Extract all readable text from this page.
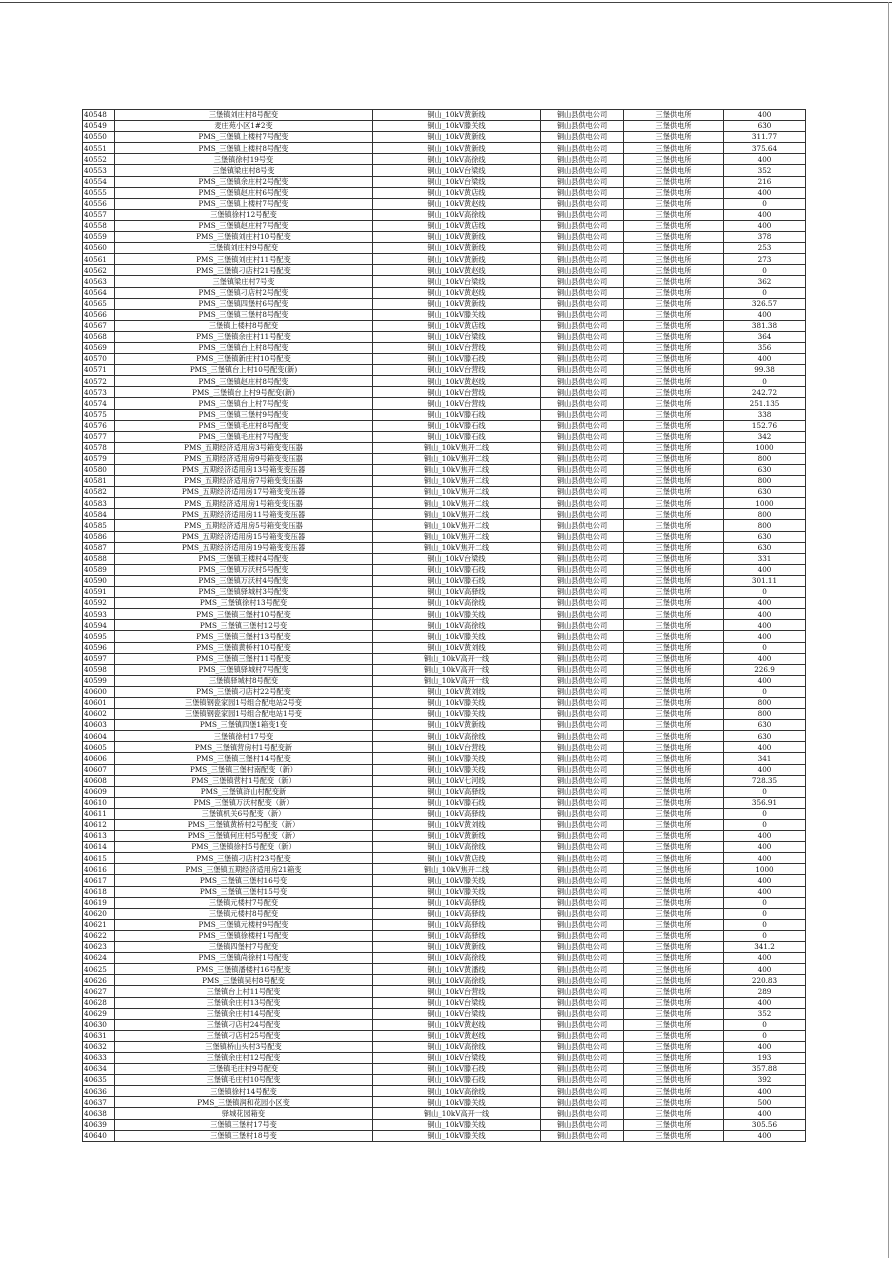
40548	三堡镇刘庄村8号配变	铜山_10kV黄新线	铜山县供电公司	三堡供电所	400
40549	麦庄苑小区1#2变	铜山_10kV滕关线	铜山县供电公司	三堡供电所	630
40550	PMS_三堡镇上楼村7号配变	铜山_10kV黄新线	铜山县供电公司	三堡供电所	311.77
40551	PMS_三堡镇上楼村8号配变	铜山_10kV黄新线	铜山县供电公司	三堡供电所	375.64
40552	三堡镇徐村19号变	铜山_10kV高徐线	铜山县供电公司	三堡供电所	400
40553	三堡镇梁庄村8号变	铜山_10kV台梁线	铜山县供电公司	三堡供电所	352
40554	PMS_三堡镇余庄村2号配变	铜山_10kV台梁线	铜山县供电公司	三堡供电所	216
40555	PMS_三堡镇赵庄村6号配变	铜山_10kV黄店线	铜山县供电公司	三堡供电所	400
40556	PMS_三堡镇上楼村7号配变	铜山_10kV黄赵线	铜山县供电公司	三堡供电所	0
40557	三堡镇徐村12号配变	铜山_10kV高徐线	铜山县供电公司	三堡供电所	400
40558	PMS_三堡镇赵庄村7号配变	铜山_10kV黄店线	铜山县供电公司	三堡供电所	400
40559	PMS_三堡镇刘庄村10号配变	铜山_10kV黄新线	铜山县供电公司	三堡供电所	378
40560	三堡镇刘庄村9号配变	铜山_10kV黄新线	铜山县供电公司	三堡供电所	253
40561	PMS_三堡镇刘庄村11号配变	铜山_10kV黄新线	铜山县供电公司	三堡供电所	273
40562	PMS_三堡镇刁店村21号配变	铜山_10kV黄赵线	铜山县供电公司	三堡供电所	0
40563	三堡镇梁庄村7号变	铜山_10kV台梁线	铜山县供电公司	三堡供电所	362
40564	PMS_三堡镇刁店村2号配变	铜山_10kV黄赵线	铜山县供电公司	三堡供电所	0
40565	PMS_三堡镇四堡村6号配变	铜山_10kV黄新线	铜山县供电公司	三堡供电所	326.57
40566	PMS_三堡镇三堡村8号配变	铜山_10kV滕关线	铜山县供电公司	三堡供电所	400
40567	三堡镇上楼村8号配变	铜山_10kV黄店线	铜山县供电公司	三堡供电所	381.38
40568	PMS_三堡镇余庄村11号配变	铜山_10kV台梁线	铜山县供电公司	三堡供电所	364
40569	PMS_三堡镇台上村8号配变	铜山_10kV台营线	铜山县供电公司	三堡供电所	356
40570	PMS_三堡镇新庄村10号配变	铜山_10kV滕石线	铜山县供电公司	三堡供电所	400
40571	PMS_三堡镇台上村10号配变(新)	铜山_10kV台营线	铜山县供电公司	三堡供电所	99.38
40572	PMS_三堡镇赵庄村8号配变	铜山_10kV黄赵线	铜山县供电公司	三堡供电所	0
40573	PMS_三堡镇台上村9号配变(新)	铜山_10kV台营线	铜山县供电公司	三堡供电所	242.72
40574	PMS_三堡镇台上村7号配变	铜山_10kV台营线	铜山县供电公司	三堡供电所	251.135
40575	PMS_三堡镇三堡村9号配变	铜山_10kV滕石线	铜山县供电公司	三堡供电所	338
40576	PMS_三堡镇毛庄村8号配变	铜山_10kV滕石线	铜山县供电公司	三堡供电所	152.76
40577	PMS_三堡镇毛庄村7号配变	铜山_10kV滕石线	铜山县供电公司	三堡供电所	342
40578	PMS_五期经济适用房3号箱变变压器	铜山_10kV焦开二线	铜山县供电公司	三堡供电所	1000
40579	PMS_五期经济适用房9号箱变变压器	铜山_10kV焦开二线	铜山县供电公司	三堡供电所	800
40580	PMS_五期经济适用房13号箱变变压器	铜山_10kV焦开二线	铜山县供电公司	三堡供电所	630
40581	PMS_五期经济适用房7号箱变变压器	铜山_10kV焦开二线	铜山县供电公司	三堡供电所	800
40582	PMS_五期经济适用房17号箱变变压器	铜山_10kV焦开二线	铜山县供电公司	三堡供电所	630
40583	PMS_五期经济适用房1号箱变变压器	铜山_10kV焦开二线	铜山县供电公司	三堡供电所	1000
40584	PMS_五期经济适用房11号箱变变压器	铜山_10kV焦开二线	铜山县供电公司	三堡供电所	800
40585	PMS_五期经济适用房5号箱变变压器	铜山_10kV焦开二线	铜山县供电公司	三堡供电所	800
40586	PMS_五期经济适用房15号箱变变压器	铜山_10kV焦开二线	铜山县供电公司	三堡供电所	630
40587	PMS_五期经济适用房19号箱变变压器	铜山_10kV焦开二线	铜山县供电公司	三堡供电所	630
40588	PMS_三堡镇王楼村4号配变	铜山_10kV台梁线	铜山县供电公司	三堡供电所	331
40589	PMS_三堡镇万沃村5号配变	铜山_10kV滕石线	铜山县供电公司	三堡供电所	400
40590	PMS_三堡镇万沃村4号配变	铜山_10kV滕石线	铜山县供电公司	三堡供电所	301.11
40591	PMS_三堡镇驿城村3号配变	铜山_10kV高驿线	铜山县供电公司	三堡供电所	0
40592	PMS_三堡镇徐村13号配变	铜山_10kV高徐线	铜山县供电公司	三堡供电所	400
40593	PMS_三堡镇三堡村10号配变	铜山_10kV滕关线	铜山县供电公司	三堡供电所	400
40594	PMS_三堡镇三堡村12号变	铜山_10kV高徐线	铜山县供电公司	三堡供电所	400
40595	PMS_三堡镇三堡村13号配变	铜山_10kV滕关线	铜山县供电公司	三堡供电所	400
40596	PMS_三堡镇黄桥村10号配变	铜山_10kV黄刘线	铜山县供电公司	三堡供电所	0
40597	PMS_三堡镇三堡村11号配变	铜山_10kV高开一线	铜山县供电公司	三堡供电所	400
40598	PMS_三堡镇驿城村7号配变	铜山_10kV高开一线	铜山县供电公司	三堡供电所	226.9
40599	三堡镇驿城村8号配变	铜山_10kV高开一线	铜山县供电公司	三堡供电所	400
40600	PMS_三堡镇刁店村22号配变	铜山_10kV黄刘线	铜山县供电公司	三堡供电所	0
40601	三堡镇钢瓷家园1号组合配电站2号变	铜山_10kV滕关线	铜山县供电公司	三堡供电所	800
40602	三堡镇钢瓷家园1号组合配电站1号变	铜山_10kV滕关线	铜山县供电公司	三堡供电所	800
40603	PMS_三堡镇四堡1箱变1变	铜山_10kV黄新线	铜山县供电公司	三堡供电所	630
40604	三堡镇徐村17号变	铜山_10kV高徐线	铜山县供电公司	三堡供电所	630
40605	PMS_三堡镇营房村1号配变新	铜山_10kV台营线	铜山县供电公司	三堡供电所	400
40606	PMS_三堡镇三堡村14号配变	铜山_10kV滕关线	铜山县供电公司	三堡供电所	341
40607	PMS_三堡镇三堡村南配变（新）	铜山_10kV滕关线	铜山县供电公司	三堡供电所	400
40608	PMS_三堡镇营村1号配变（新）	铜山_10kV七河线	铜山县供电公司	三堡供电所	728.35
40609	PMS_三堡镇浒山村配变新	铜山_10kV高驿线	铜山县供电公司	三堡供电所	0
40610	PMS_三堡镇万沃村配变（新）	铜山_10kV滕石线	铜山县供电公司	三堡供电所	356.91
40611	三堡镇机关6号配变（新）	铜山_10kV高驿线	铜山县供电公司	三堡供电所	0
40612	PMS_三堡镇黄桥村2号配变（新）	铜山_10kV黄刘线	铜山县供电公司	三堡供电所	0
40613	PMS_三堡镇何庄村5号配变（新）	铜山_10kV黄新线	铜山县供电公司	三堡供电所	400
40614	PMS_三堡镇徐村5号配变（新）	铜山_10kV高徐线	铜山县供电公司	三堡供电所	400
40615	PMS_三堡镇刁店村23号配变	铜山_10kV黄店线	铜山县供电公司	三堡供电所	400
40616	PMS_三堡镇五期经济适用房21箱变	铜山_10kV焦开二线	铜山县供电公司	三堡供电所	1000
40617	PMS_三堡镇三堡村16号变	铜山_10kV滕关线	铜山县供电公司	三堡供电所	400
40618	PMS_三堡镇三堡村15号变	铜山_10kV滕关线	铜山县供电公司	三堡供电所	400
40619	三堡镇元楼村7号配变	铜山_10kV高驿线	铜山县供电公司	三堡供电所	0
40620	三堡镇元楼村8号配变	铜山_10kV高驿线	铜山县供电公司	三堡供电所	0
40621	PMS_三堡镇元楼村9号配变	铜山_10kV高驿线	铜山县供电公司	三堡供电所	0
40622	PMS_三堡镇徐楼村1号配变	铜山_10kV高驿线	铜山县供电公司	三堡供电所	0
40623	三堡镇四堡村7号配变	铜山_10kV黄新线	铜山县供电公司	三堡供电所	341.2
40624	PMS_三堡镇尚徐村1号配变	铜山_10kV高徐线	铜山县供电公司	三堡供电所	400
40625	PMS_三堡镇潘楼村16号配变	铜山_10kV黄潘线	铜山县供电公司	三堡供电所	400
40626	PMS_三堡镇吴村8号配变	铜山_10kV高徐线	铜山县供电公司	三堡供电所	220.83
40627	三堡镇台上村11号配变	铜山_10kV台营线	铜山县供电公司	三堡供电所	289
40628	三堡镇余庄村13号配变	铜山_10kV台梁线	铜山县供电公司	三堡供电所	400
40629	三堡镇余庄村14号配变	铜山_10kV台梁线	铜山县供电公司	三堡供电所	352
40630	三堡镇刁店村24号配变	铜山_10kV黄赵线	铜山县供电公司	三堡供电所	0
40631	三堡镇刁店村25号配变	铜山_10kV黄赵线	铜山县供电公司	三堡供电所	0
40632	三堡镇桥山头村3号配变	铜山_10kV高徐线	铜山县供电公司	三堡供电所	400
40633	三堡镇余庄村12号配变	铜山_10kV台梁线	铜山县供电公司	三堡供电所	193
40634	三堡镇毛庄村9号配变	铜山_10kV滕石线	铜山县供电公司	三堡供电所	357.88
40635	三堡镇毛庄村10号配变	铜山_10kV滕石线	铜山县供电公司	三堡供电所	392
40636	三堡镇徐村14号配变	铜山_10kV高徐线	铜山县供电公司	三堡供电所	400
40637	PMS_三堡镇润和花园小区变	铜山_10kV滕关线	铜山县供电公司	三堡供电所	500
40638	驿城花园箱变	铜山_10kV高开一线	铜山县供电公司	三堡供电所	400
40639	三堡镇三堡村17号变	铜山_10kV滕关线	铜山县供电公司	三堡供电所	305.56
40640	三堡镇三堡村18号变	铜山_10kV滕关线	铜山县供电公司	三堡供电所	400
